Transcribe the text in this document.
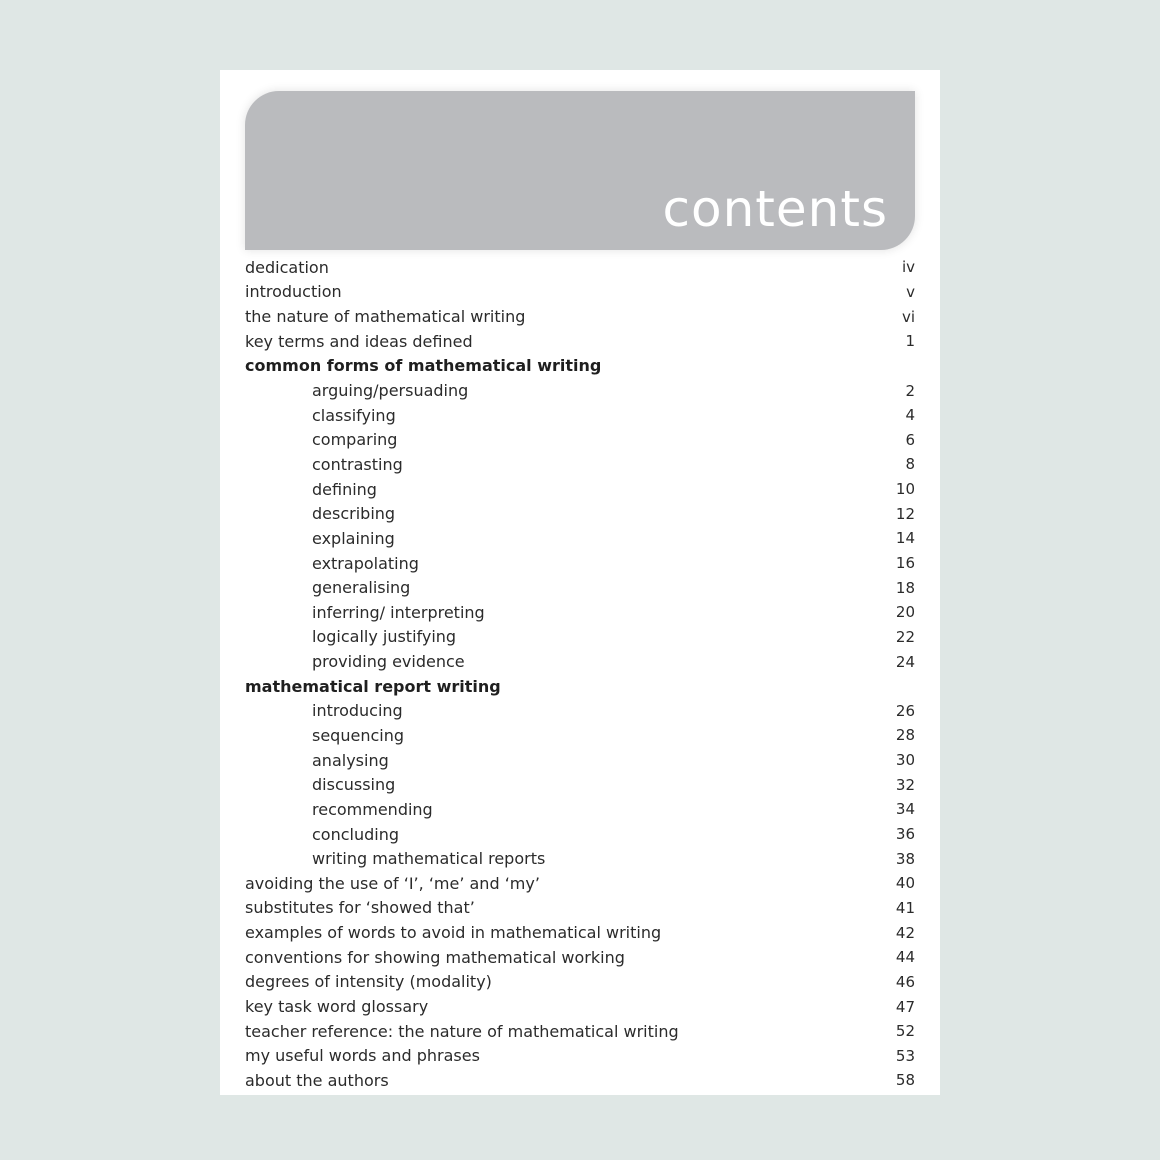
contents
dedication	iv
introduction	v
the nature of mathematical writing	vi
key terms and ideas defined	1
common forms of mathematical writing
arguing/persuading	2
classifying	4
comparing	6
contrasting	8
defining	10
describing	12
explaining	14
extrapolating	16
generalising	18
inferring/ interpreting	20
logically justifying	22
providing evidence	24
mathematical report writing
introducing	26
sequencing	28
analysing	30
discussing	32
recommending	34
concluding	36
writing mathematical reports	38
avoiding the use of ‘I’, ‘me’ and ‘my’	40
substitutes for ‘showed that’	41
examples of words to avoid in mathematical writing	42
conventions for showing mathematical working	44
degrees of intensity (modality)	46
key task word glossary	47
teacher reference: the nature of mathematical writing	52
my useful words and phrases	53
about the authors	58
